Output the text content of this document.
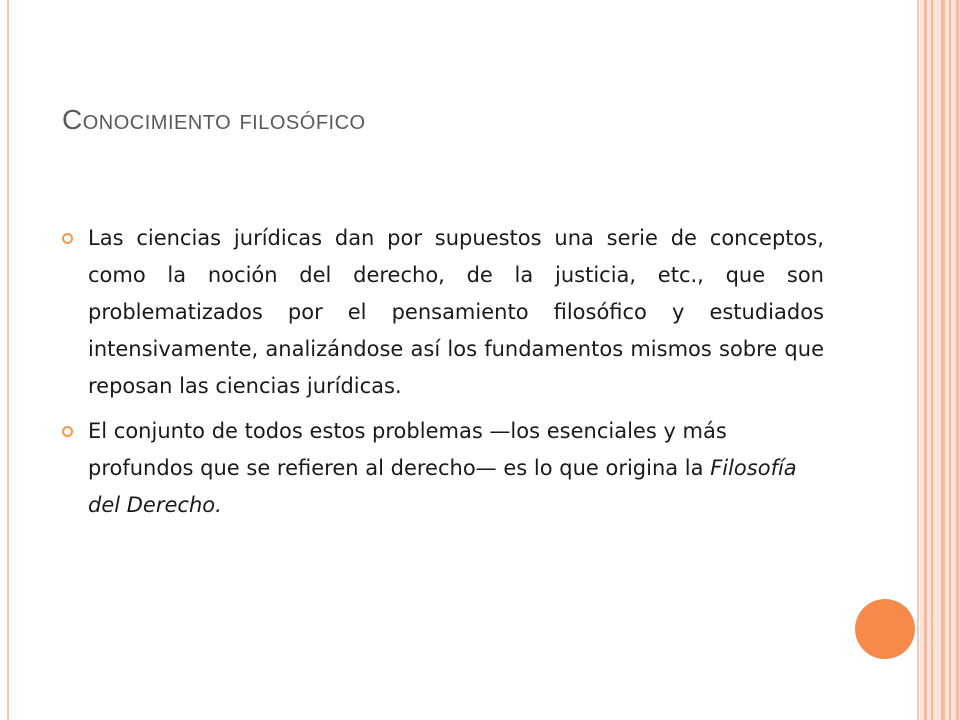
Conocimiento filosófico
Las ciencias jurídicas dan por supuestos una serie de conceptos, como la noción del derecho, de la justicia, etc., que son problematizados por el pensamiento filosófico y estudiados intensivamente, analizándose así los fundamentos mismos sobre que reposan las ciencias jurídicas.
El conjunto de todos estos problemas —los esenciales y más profundos que se refieren al derecho— es lo que origina la Filosofía del Derecho.
